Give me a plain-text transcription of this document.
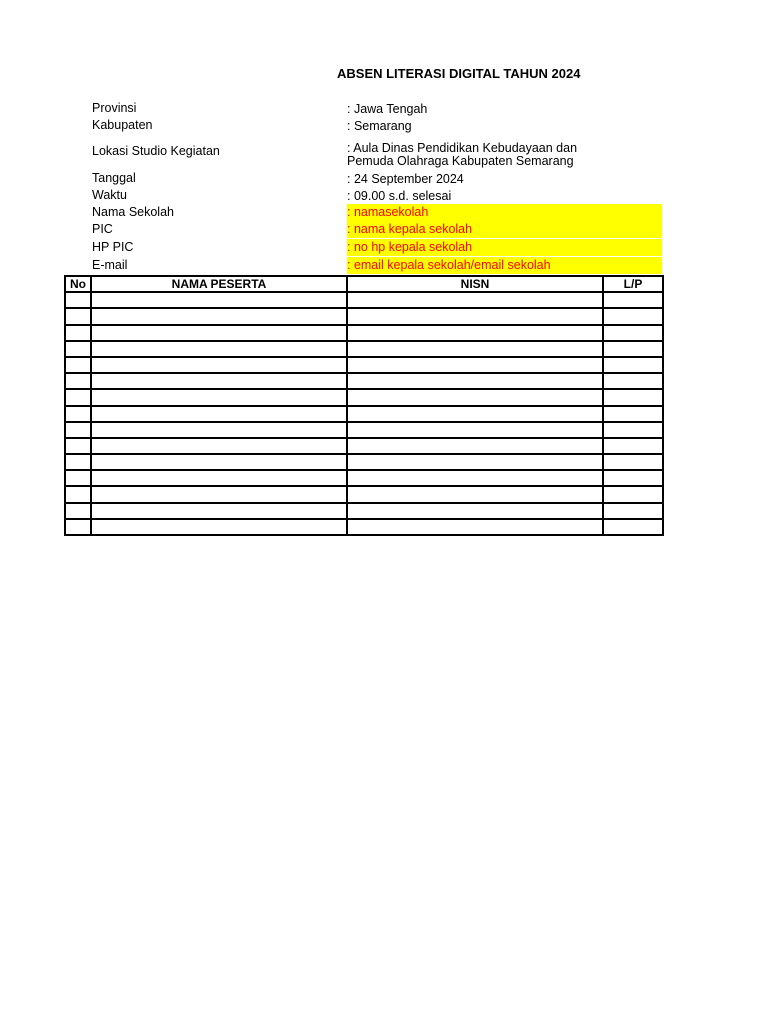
ABSEN LITERASI DIGITAL TAHUN 2024
Provinsi	: Jawa Tengah
Kabupaten	: Semarang
Lokasi Studio Kegiatan	: Aula Dinas Pendidikan Kebudayaan dan
Pemuda Olahraga Kabupaten Semarang
Tanggal	: 24 September 2024
Waktu	: 09.00 s.d. selesai
Nama Sekolah	: namasekolah
PIC	: nama kepala sekolah
HP PIC	: no hp kepala sekolah
E-mail	: email kepala sekolah/email sekolah
No	NAMA PESERTA	NISN	L/P
